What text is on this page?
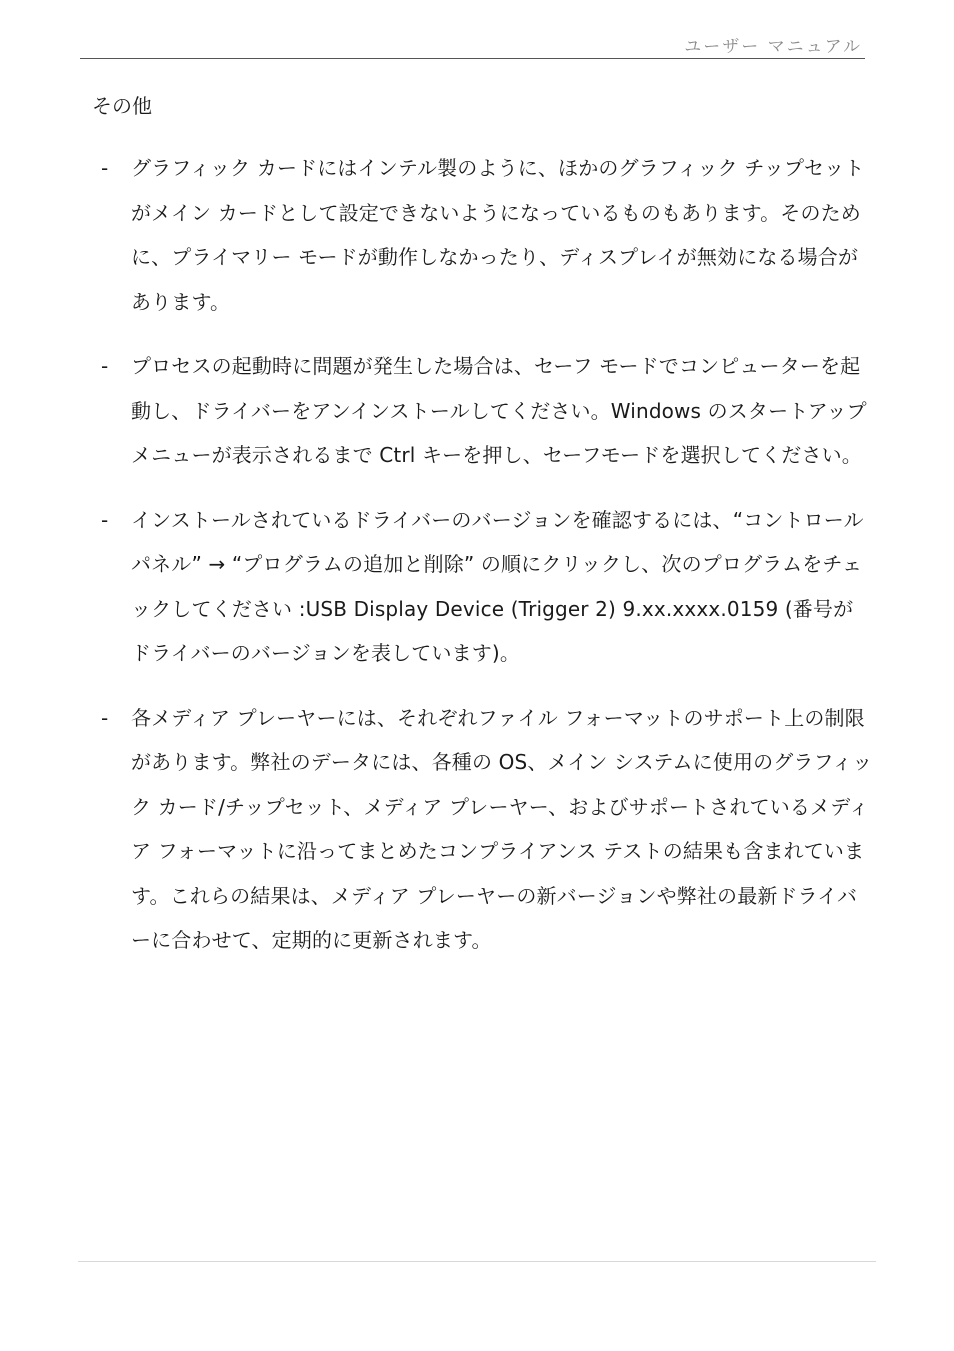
ユーザー マニュアル
その他
- グラフィック カードにはインテル製のように、ほかのグラフィック チップセットがメイン カードとして設定できないようになっているものもあります。そのために、プライマリー モードが動作しなかったり、ディスプレイが無効になる場合があります。
- プロセスの起動時に問題が発生した場合は、セーフ モードでコンピューターを起動し、ドライバーをアンインストールしてください。Windows のスタートアップ メニューが表示されるまで Ctrl キーを押し、セーフモードを選択してください。
- インストールされているドライバーのバージョンを確認するには、“コントロール パネル” → “プログラムの追加と削除” の順にクリックし、次のプログラムをチェックしてください :USB Display Device (Trigger 2) 9.xx.xxxx.0159 (番号がドライバーのバージョンを表しています)。
- 各メディア プレーヤーには、それぞれファイル フォーマットのサポート上の制限があります。弊社のデータには、各種の OS、メイン システムに使用のグラフィック カード/チップセット、メディア プレーヤー、およびサポートされているメディア フォーマットに沿ってまとめたコンプライアンス テストの結果も含まれています。これらの結果は、メディア プレーヤーの新バージョンや弊社の最新ドライバーに合わせて、定期的に更新されます。
